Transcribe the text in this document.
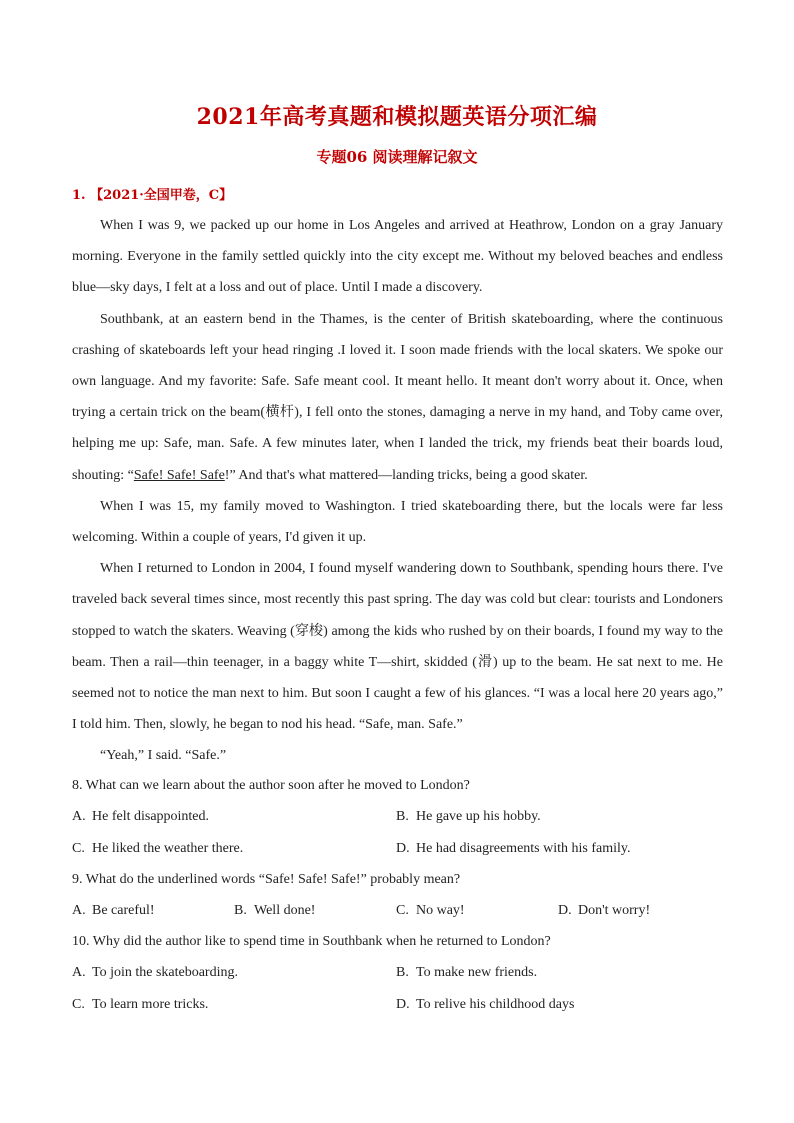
2021年高考真题和模拟题英语分项汇编
专题06 阅读理解记叙文
1. 【2021·全国甲卷，C】

When I was 9, we packed up our home in Los Angeles and arrived at Heathrow, London on a gray January morning. Everyone in the family settled quickly into the city except me. Without my beloved beaches and endless blue—sky days, I felt at a loss and out of place. Until I made a discovery.

Southbank, at an eastern bend in the Thames, is the center of British skateboarding, where the continuous crashing of skateboards left your head ringing .I loved it. I soon made friends with the local skaters. We spoke our own language. And my favorite: Safe. Safe meant cool. It meant hello. It meant don't worry about it. Once, when trying a certain trick on the beam(横杆), I fell onto the stones, damaging a nerve in my hand, and Toby came over, helping me up: Safe, man. Safe. A few minutes later, when I landed the trick, my friends beat their boards loud, shouting: “Safe! Safe! Safe!” And that's what mattered—landing tricks, being a good skater.

When I was 15, my family moved to Washington. I tried skateboarding there, but the locals were far less welcoming. Within a couple of years, I'd given it up.

When I returned to London in 2004, I found myself wandering down to Southbank, spending hours there. I've traveled back several times since, most recently this past spring. The day was cold but clear: tourists and Londoners stopped to watch the skaters. Weaving (穿梭) among the kids who rushed by on their boards, I found my way to the beam. Then a rail—thin teenager, in a baggy white T—shirt, skidded (滑) up to the beam. He sat next to me. He seemed not to notice the man next to him. But soon I caught a few of his glances. “I was a local here 20 years ago,” I told him. Then, slowly, he began to nod his head. “Safe, man. Safe.”

“Yeah,” I said. “Safe.”

8. What can we learn about the author soon after he moved to London?
A. He felt disappointed.	B. He gave up his hobby.
C. He liked the weather there.	D. He had disagreements with his family.
9. What do the underlined words “Safe! Safe! Safe!” probably mean?
A. Be careful!	B. Well done!	C. No way!	D. Don't worry!
10. Why did the author like to spend time in Southbank when he returned to London?
A. To join the skateboarding.	B. To make new friends.
C. To learn more tricks.	D. To relive his childhood days
